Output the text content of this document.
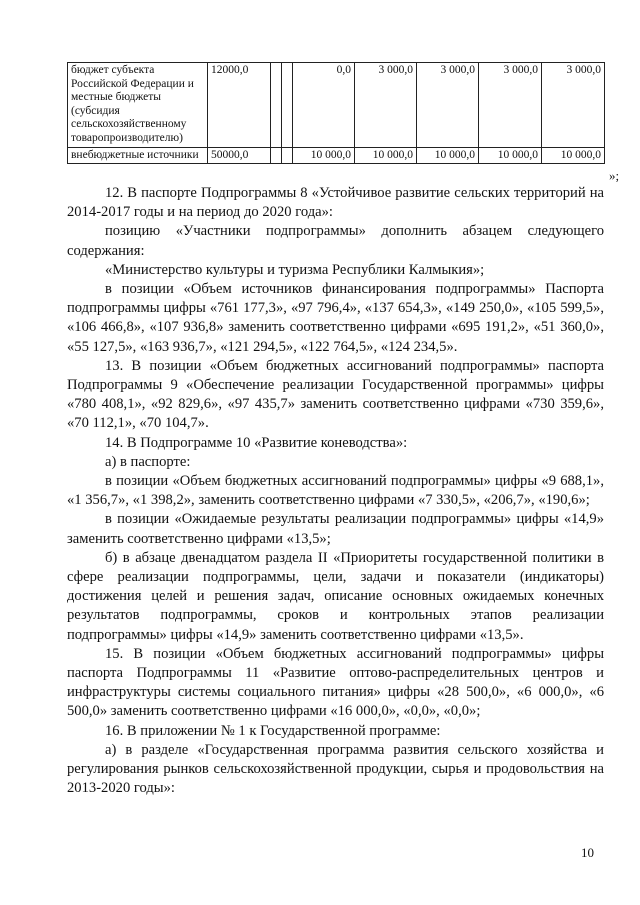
бюджет субъекта Российской Федерации и местные бюджеты (субсидия сельскохозяйственному товаропроизводителю)	12000,0			0,0	3 000,0	3 000,0	3 000,0	3 000,0
внебюджетные источники	50000,0			10 000,0	10 000,0	10 000,0	10 000,0	10 000,0
»;

12. В паспорте Подпрограммы 8 «Устойчивое развитие сельских территорий на 2014-2017 годы и на период до 2020 года»:

позицию «Участники подпрограммы» дополнить абзацем следующего содержания:

«Министерство культуры и туризма Республики Калмыкия»;

в позиции «Объем источников финансирования подпрограммы» Паспорта подпрограммы цифры «761 177,3», «97 796,4», «137 654,3», «149 250,0», «105 599,5», «106 466,8», «107 936,8» заменить соответственно цифрами «695 191,2», «51 360,0», «55 127,5», «163 936,7», «121 294,5», «122 764,5», «124 234,5».

13. В позиции «Объем бюджетных ассигнований подпрограммы» паспорта Подпрограммы 9 «Обеспечение реализации Государственной программы» цифры «780 408,1», «92 829,6», «97 435,7» заменить соответственно цифрами «730 359,6», «70 112,1», «70 104,7».

14. В Подпрограмме 10 «Развитие коневодства»:

а) в паспорте:

в позиции «Объем бюджетных ассигнований подпрограммы» цифры «9 688,1», «1 356,7», «1 398,2», заменить соответственно цифрами «7 330,5», «206,7», «190,6»;

в позиции «Ожидаемые результаты реализации подпрограммы» цифры «14,9» заменить соответственно цифрами «13,5»;

б) в абзаце двенадцатом раздела II «Приоритеты государственной политики в сфере реализации подпрограммы, цели, задачи и показатели (индикаторы) достижения целей и решения задач, описание основных ожидаемых конечных результатов подпрограммы, сроков и контрольных этапов реализации подпрограммы» цифры «14,9» заменить соответственно цифрами «13,5».

15. В позиции «Объем бюджетных ассигнований подпрограммы» цифры паспорта Подпрограммы 11 «Развитие оптово-распределительных центров и инфраструктуры системы социального питания» цифры «28 500,0», «6 000,0», «6 500,0» заменить соответственно цифрами «16 000,0», «0,0», «0,0»;

16. В приложении № 1 к Государственной программе:

а) в разделе «Государственная программа развития сельского хозяйства и регулирования рынков сельскохозяйственной продукции, сырья и продовольствия на 2013-2020 годы»:

10
